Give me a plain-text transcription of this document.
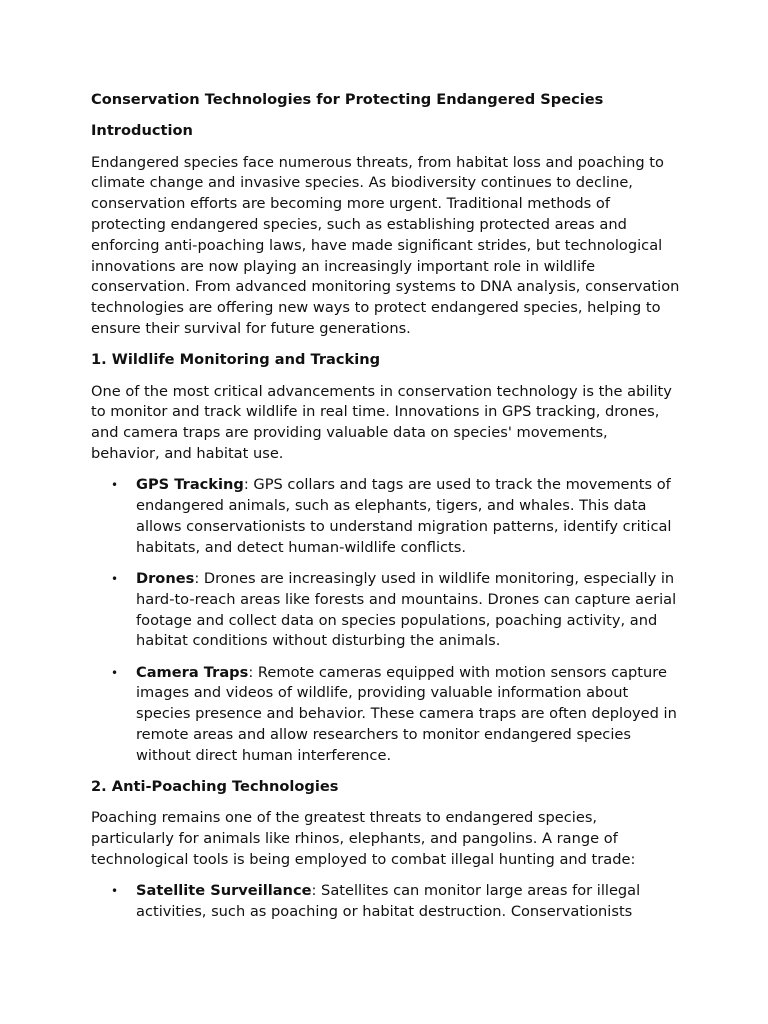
Conservation Technologies for Protecting Endangered Species
Introduction

Endangered species face numerous threats, from habitat loss and poaching to climate change and invasive species. As biodiversity continues to decline, conservation efforts are becoming more urgent. Traditional methods of protecting endangered species, such as establishing protected areas and enforcing anti-poaching laws, have made significant strides, but technological innovations are now playing an increasingly important role in wildlife conservation. From advanced monitoring systems to DNA analysis, conservation technologies are offering new ways to protect endangered species, helping to ensure their survival for future generations.

1. Wildlife Monitoring and Tracking

One of the most critical advancements in conservation technology is the ability to monitor and track wildlife in real time. Innovations in GPS tracking, drones, and camera traps are providing valuable data on species' movements, behavior, and habitat use.

• GPS Tracking: GPS collars and tags are used to track the movements of endangered animals, such as elephants, tigers, and whales. This data allows conservationists to understand migration patterns, identify critical habitats, and detect human-wildlife conflicts.
• Drones: Drones are increasingly used in wildlife monitoring, especially in hard-to-reach areas like forests and mountains. Drones can capture aerial footage and collect data on species populations, poaching activity, and habitat conditions without disturbing the animals.
• Camera Traps: Remote cameras equipped with motion sensors capture images and videos of wildlife, providing valuable information about species presence and behavior. These camera traps are often deployed in remote areas and allow researchers to monitor endangered species without direct human interference.
2. Anti-Poaching Technologies

Poaching remains one of the greatest threats to endangered species, particularly for animals like rhinos, elephants, and pangolins. A range of technological tools is being employed to combat illegal hunting and trade:

• Satellite Surveillance: Satellites can monitor large areas for illegal activities, such as poaching or habitat destruction. Conservationists
